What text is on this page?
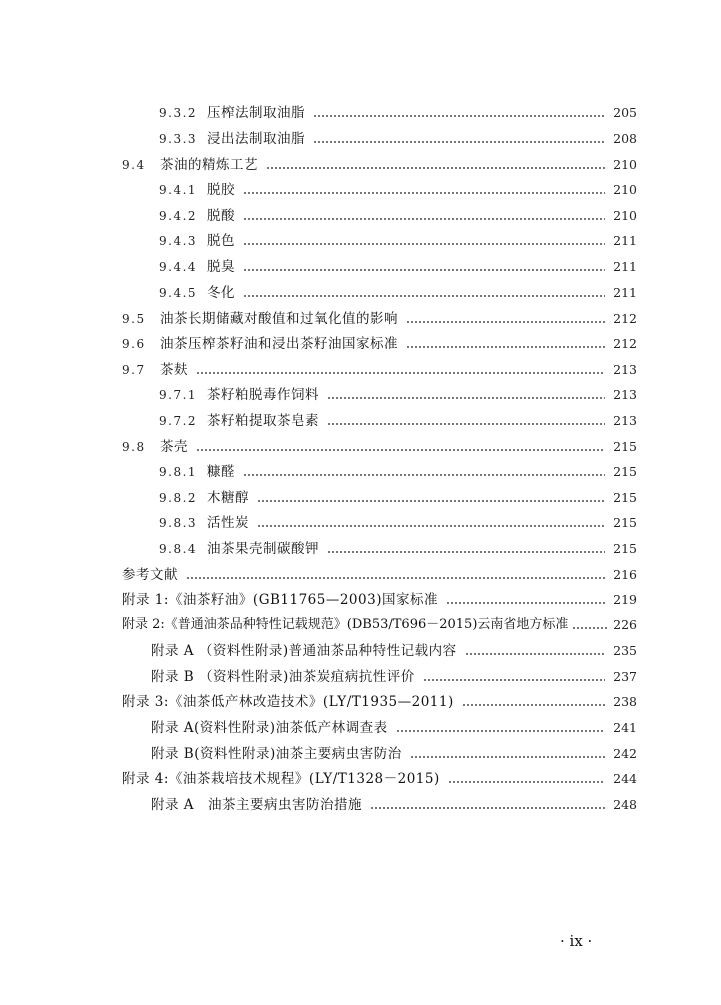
9.3.2 压榨法制取油脂	205
9.3.3 浸出法制取油脂	208
9.4	茶油的精炼工艺	210
9.4.1 脱胶	210
9.4.2 脱酸	210
9.4.3 脱色	211
9.4.4 脱臭	211
9.4.5 冬化	211
9.5	油茶长期储藏对酸值和过氧化值的影响	212
9.6	油茶压榨茶籽油和浸出茶籽油国家标准	212
9.7	茶麸	213
9.7.1 茶籽粕脱毒作饲料	213
9.7.2 茶籽粕提取茶皂素	213
9.8	茶壳	215
9.8.1 糠醛	215
9.8.2 木糖醇	215
9.8.3 活性炭	215
9.8.4 油茶果壳制碳酸钾	215
参考文献	216
附录 1:《油茶籽油》(GB11765—2003)国家标准	219
附录 2:《普通油茶品种特性记载规范》(DB53/T696－2015)云南省地方标准	226
附录 A （资料性附录)普通油茶品种特性记载内容	235
附录 B （资料性附录)油茶炭疽病抗性评价	237
附录 3:《油茶低产林改造技术》(LY/T1935—2011)	238
附录 A(资料性附录)油茶低产林调查表	241
附录 B(资料性附录)油茶主要病虫害防治	242
附录 4:《油茶栽培技术规程》(LY/T1328－2015)	244
附录 A　油茶主要病虫害防治措施	248
· ix ·
